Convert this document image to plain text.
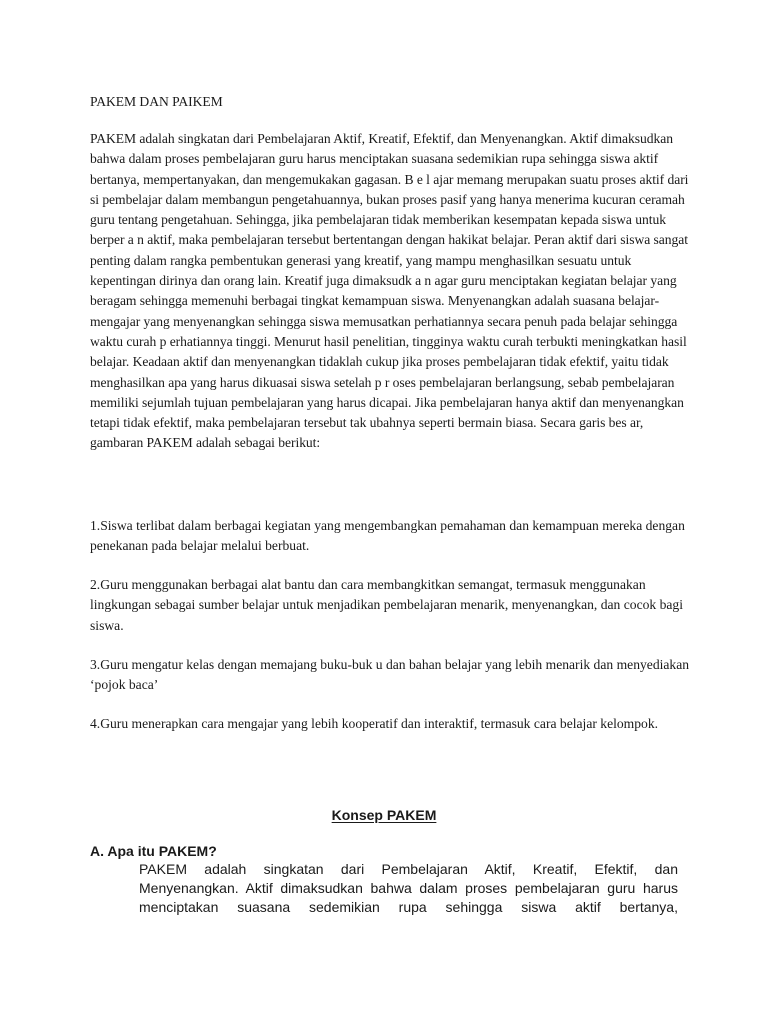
PAKEM DAN PAIKEM
PAKEM adalah singkatan dari Pembelajaran Aktif, Kreatif, Efektif, dan Menyenangkan. Aktif dimaksudkan bahwa dalam proses pembelajaran guru harus menciptakan suasana sedemikian rupa sehingga siswa aktif bertanya, mempertanyakan, dan mengemukakan gagasan. B e l ajar memang merupakan suatu proses aktif dari si pembelajar dalam membangun pengetahuannya, bukan proses pasif yang hanya menerima kucuran ceramah guru tentang pengetahuan. Sehingga, jika pembelajaran tidak memberikan kesempatan kepada siswa untuk berper a n aktif, maka pembelajaran tersebut bertentangan dengan hakikat belajar. Peran aktif dari siswa sangat penting dalam rangka pembentukan generasi yang kreatif, yang mampu menghasilkan sesuatu untuk kepentingan dirinya dan orang lain. Kreatif juga dimaksudk a n agar guru menciptakan kegiatan belajar yang beragam sehingga memenuhi berbagai tingkat kemampuan siswa. Menyenangkan adalah suasana belajar-mengajar yang menyenangkan sehingga siswa memusatkan perhatiannya secara penuh pada belajar sehingga waktu curah p erhatiannya tinggi. Menurut hasil penelitian, tingginya waktu curah terbukti meningkatkan hasil belajar. Keadaan aktif dan menyenangkan tidaklah cukup jika proses pembelajaran tidak efektif, yaitu tidak menghasilkan apa yang harus dikuasai siswa setelah p r oses pembelajaran berlangsung, sebab pembelajaran memiliki sejumlah tujuan pembelajaran yang harus dicapai. Jika pembelajaran hanya aktif dan menyenangkan tetapi tidak efektif, maka pembelajaran tersebut tak ubahnya seperti bermain biasa. Secara garis bes ar, gambaran PAKEM adalah sebagai berikut:
1.Siswa terlibat dalam berbagai kegiatan yang mengembangkan pemahaman dan kemampuan mereka dengan penekanan pada belajar melalui berbuat.
2.Guru menggunakan berbagai alat bantu dan cara membangkitkan semangat, termasuk menggunakan lingkungan sebagai sumber belajar untuk menjadikan pembelajaran menarik, menyenangkan, dan cocok bagi siswa.
3.Guru mengatur kelas dengan memajang buku-buk u dan bahan belajar yang lebih menarik dan menyediakan ‘pojok baca’
4.Guru menerapkan cara mengajar yang lebih kooperatif dan interaktif, termasuk cara belajar kelompok.
Konsep PAKEM
A. Apa itu PAKEM?
PAKEM adalah singkatan dari Pembelajaran Aktif, Kreatif, Efektif, dan
Menyenangkan. Aktif dimaksudkan bahwa dalam proses pembelajaran guru harus
menciptakan suasana sedemikian rupa sehingga siswa aktif bertanya,
